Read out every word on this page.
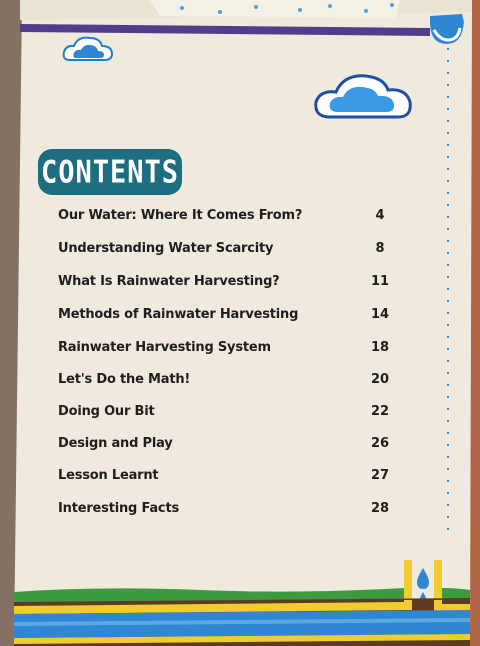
CONTENTS
Our Water: Where It Comes From?	4
Understanding Water Scarcity	8
What Is Rainwater Harvesting?	11
Methods of Rainwater Harvesting	14
Rainwater Harvesting System	18
Let's Do the Math!	20
Doing Our Bit	22
Design and Play	26
Lesson Learnt	27
Interesting Facts	28
